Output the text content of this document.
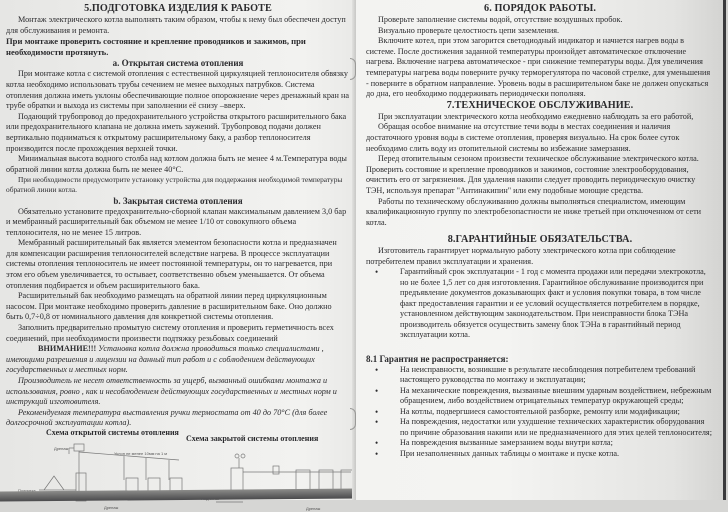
5.ПОДГОТОВКА ИЗДЕЛИЯ К РАБОТЕ

Монтаж электрического котла выполнять таким образом, чтобы к нему был обеспечен доступ для обслуживания и ремонта.

При монтаже проверить состояние и крепление проводников и зажимов, при необходимости протянуть.

a. Открытая система отопления

При монтаже котла с системой отопления с естественной циркуляцией теплоносителя обвязку котла необходимо использовать трубы сечением не менее выходных патрубков. Система отопления должна иметь уклоны обеспечивающие полное опорожнение через дренажный кран на трубе обратки и выхода из системы при заполнении её снизу –вверх.

Подающий трубопровод до предохранительного устройства открытого расширительного бака или предохранительного клапана не должна иметь заужений. Трубопровод подачи должен вертикально подниматься к открытому расширительному баку, а разбор теплоносителя производится после прохождения верхней точки.

Минимальная высота водного столба над котлом должна быть не менее 4 м.Температура воды обратной линии котла должна быть не менее 40°С.

При необходимости предусмотрите установку устройства для поддержания необходимой температуры обратной линии котла.

b. Закрытая система отопления

Обязательно установите предохранительно-сборной клапан максимальным давлением 3,0 бар и мембранный расширительный бак объемом не менее 1/10 от совокупного объема теплоносителя, но не менее 15 литров.

Мембранный расширительный бак является элементом безопасности котла и предназначен для компенсации расширения теплоносителей вследствие нагрева. В процессе эксплуатации системы отопления теплоноситель не имеет постоянной температуры, он то нагревается, при этом его объем увеличивается, то остывает, соответственно объем уменьшается. От объема отопления подбирается и объем расширительного бака.

Расширительный бак необходимо размещать на обратной линии перед циркуляционным насосом. При монтаже необходимо проверить давление в расширительном баке. Оно должно быть 0,7÷0,8 от номинального давления для конкретной системы отопления.

Заполнить предварительно промытую систему отопления и проверить герметичность всех соединений, при необходимости произвести подтяжку резьбовых соединений

ВНИМАНИЕ!!! Установка котла должна проводиться только специалистами , имеющими разрешения и лицензии на данный тип работ и с соблюдением действующих государственных и местных норм.

Производитель не несет ответственность за ущерб, вызванный ошибками монтажа и использования, ровно , как и несоблюдением действующих государственных и местных норм и инструкций изготовителя.

Рекомендуемая температура выставления ручки термостата от 40 до 70°С (для более долгосрочной эксплуатации котла).

Схема открытой системы отопления
Схема закрытой системы отопления
Дренаж
Уклон не менее 10мм на 1 м
Дренаж	Дренаж
6. ПОРЯДОК РАБОТЫ.

Проверьте заполнение системы водой, отсутствие воздушных пробок.

Визуально проверьте целостность цепи заземления.

Включите котел, при этом загорится светодиодный индикатор и начнется нагрев воды в системе. После достижения заданной температуры произойдет автоматическое отключение нагрева. Включение нагрева автоматическое - при снижение температуры воды. Для увеличения температуры нагрева воды поверните ручку терморегулятора по часовой стрелке, для уменьшения - поверните в обратном направление. Уровень воды в расширительном баке не должен опускаться до дна, его необходимо поддерживать периодически пополняя.

7.ТЕХНИЧЕСКОЕ ОБСЛУЖИВАНИЕ.

При эксплуатации электрического котла необходимо ежедневно наблюдать за его работой,

Обращая особое внимание на отсутствие течи воды в местах соединения и наличия достаточного уровня воды в системе отопления, проверяя визуально. На срок более суток необходимо слить воду из отопительной системы во избежание замерзания.

Перед отопительным сезоном произвести техническое обслуживание электрического котла. Проверить состояние и крепление проводников и зажимов, состояние электрооборудования, очистить его от загрязнения. Для удаления накипи следует проводить периодическую очистку ТЭН, используя препарат "Антинакипин" или ему подобные моющие средства.

Работы по техническому обслуживанию должны выполняться специалистом, имеющим квалификационную группу по электробезопастности не ниже третьей при отключенном от сети котла.

8.ГАРАНТИЙНЫЕ ОБЯЗАТЕЛЬСТВА.

Изготовитель гарантирует нормальную работу электрического котла при соблюдение потребителем правил эксплуатации и хранения.

• Гарантийный срок эксплуатации - 1 год с момента продажи или передачи электрокотла, но не более 1,5 лет со дня изготовления. Гарантийное обслуживание производится при предъявление документов доказывающих факт и условия покупки товара, в том числе факт предоставления гарантии и ее условий осуществляется потребителем в порядке, установленном действующим законодательством. При неисправности блока ТЭНа производитель обязуется осуществить замену блок ТЭНа в гарантийный период эксплуатации котла.
8.1 Гарантия не распространяется:
• На неисправности, возникшие в результате несоблюдения потребителем требований настоящего руководства по монтажу и эксплуатации;
• На механические повреждения, вызванные внешним ударным воздействием, небрежным обращением, либо воздействием отрицательных температур окружающей среды;
• На котлы, подвергшиеся самостоятельной разборке, ремонту или модификации;
• На повреждения, недостатки или ухудшение технических характеристик оборудования по причине образования накипи или не предназначенного для этих целей теплоносителя;
• На повреждения вызванные замерзанием воды внутри котла;
• При незаполненных данных таблицы о монтаже и пуске котла.
